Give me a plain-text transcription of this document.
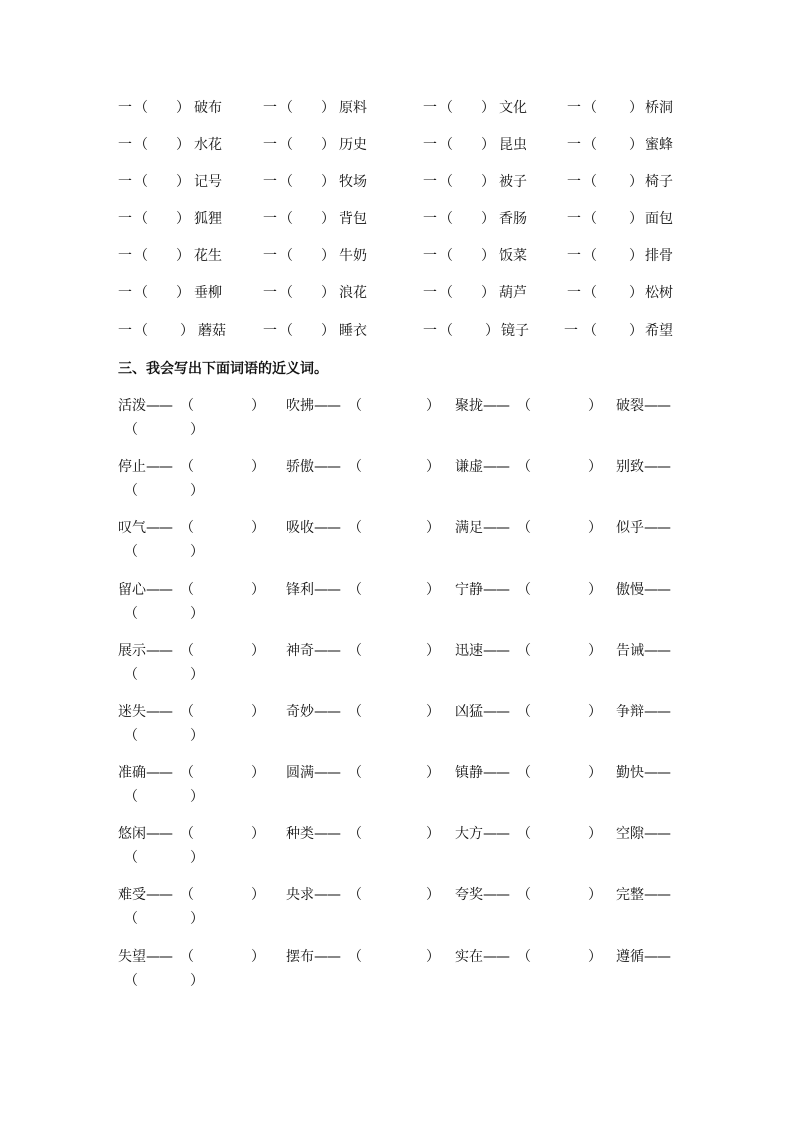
一 （ ） 破布	一 （ ） 原料	一 （ ） 文化	一 （ ） 桥洞
一 （ ） 水花	一 （ ） 历史	一 （ ） 昆虫	一 （ ） 蜜蜂
一 （ ） 记号	一 （ ） 牧场	一 （ ） 被子	一 （ ） 椅子
一 （ ） 狐狸	一 （ ） 背包	一 （ ） 香肠	一 （ ） 面包
一 （ ） 花生	一 （ ） 牛奶	一 （ ） 饭菜	一 （ ） 排骨
一 （ ） 垂柳	一 （ ） 浪花	一 （ ） 葫芦	一 （ ） 松树
一 （ ） 蘑菇	一 （ ） 睡衣	一 （ ） 镜子	一 （ ） 希望
三、我会写出下面词语的近义词。
活泼—— （	） 吹拂—— （	） 聚拢—— （	） 破裂——
（	）
停止—— （	） 骄傲—— （	） 谦虚—— （	） 别致——
（	）
叹气—— （	） 吸收—— （	） 满足—— （	） 似乎——
（	）
留心—— （	） 锋利—— （	） 宁静—— （	） 傲慢——
（	）
展示—— （	） 神奇—— （	） 迅速—— （	） 告诫——
（	）
迷失—— （	） 奇妙—— （	） 凶猛—— （	） 争辩——
（	）
准确—— （	） 圆满—— （	） 镇静—— （	） 勤快——
（	）
悠闲—— （	） 种类—— （	） 大方—— （	） 空隙——
（	）
难受—— （	） 央求—— （	） 夸奖—— （	） 完整——
（	）
失望—— （	） 摆布—— （	） 实在—— （	） 遵循——
（	）
